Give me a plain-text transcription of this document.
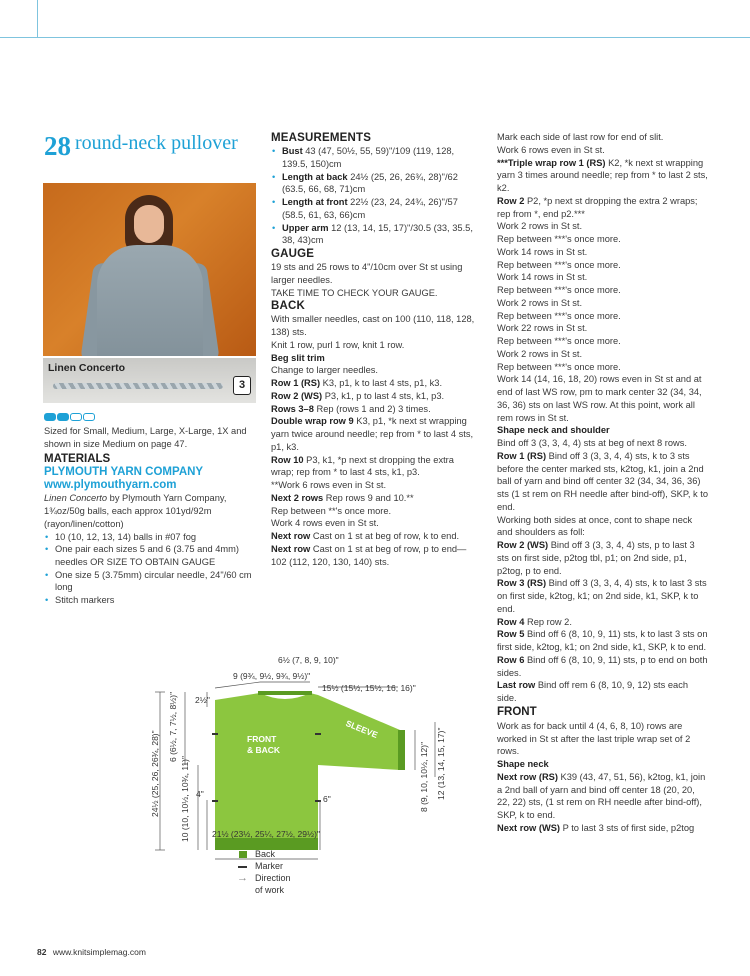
28 round-neck pullover
Linen Concerto
3

Sized for Small, Medium, Large, X-Large, 1X and shown in size Medium on page 47.

MATERIALS
PLYMOUTH YARN COMPANY
www.plymouthyarn.com

Linen Concerto by Plymouth Yarn Company, 1¾oz/50g balls, each approx 101yd/92m (rayon/linen/cotton)

• 10 (10, 12, 13, 14) balls in #07 fog
• One pair each sizes 5 and 6 (3.75 and 4mm) needles OR SIZE TO OBTAIN GAUGE
• One size 5 (3.75mm) circular needle, 24"/60 cm long
• Stitch markers
MEASUREMENTS
• Bust 43 (47, 50½, 55, 59)"/109 (119, 128, 139.5, 150)cm
• Length at back 24½ (25, 26, 26¾, 28)"/62 (63.5, 66, 68, 71)cm
• Length at front 22½ (23, 24, 24¾, 26)"/57 (58.5, 61, 63, 66)cm
• Upper arm 12 (13, 14, 15, 17)"/30.5 (33, 35.5, 38, 43)cm
GAUGE

19 sts and 25 rows to 4"/10cm over St st using larger needles.

TAKE TIME TO CHECK YOUR GAUGE.

BACK

With smaller needles, cast on 100 (110, 118, 128, 138) sts.

Knit 1 row, purl 1 row, knit 1 row.

Beg slit trim

Change to larger needles.

Row 1 (RS) K3, p1, k to last 4 sts, p1, k3.

Row 2 (WS) P3, k1, p to last 4 sts, k1, p3.

Rows 3–8 Rep (rows 1 and 2) 3 times.

Double wrap row 9 K3, p1, *k next st wrapping yarn twice around needle; rep from * to last 4 sts, p1, k3.

Row 10 P3, k1, *p next st dropping the extra wrap; rep from * to last 4 sts, k1, p3.

**Work 6 rows even in St st.

Next 2 rows Rep rows 9 and 10.**

Rep between **'s once more.

Work 4 rows even in St st.

Next row Cast on 1 st at beg of row, k to end.

Next row Cast on 1 st at beg of row, p to end—102 (112, 120, 130, 140) sts.

Mark each side of last row for end of slit.

Work 6 rows even in St st.

***Triple wrap row 1 (RS) K2, *k next st wrapping yarn 3 times around needle; rep from * to last 2 sts, k2.

Row 2 P2, *p next st dropping the extra 2 wraps; rep from *, end p2.***

Work 2 rows in St st.

Rep between ***'s once more.

Work 14 rows in St st.

Rep between ***'s once more.

Work 14 rows in St st.

Rep between ***'s once more.

Work 2 rows in St st.

Rep between ***'s once more.

Work 22 rows in St st.

Rep between ***'s once more.

Work 2 rows in St st.

Rep between ***'s once more.

Work 14 (14, 16, 18, 20) rows even in St st and at end of last WS row, pm to mark center 32 (34, 34, 36, 36) sts on last WS row. At this point, work all rem rows in St st.

Shape neck and shoulder

Bind off 3 (3, 3, 4, 4) sts at beg of next 8 rows.

Row 1 (RS) Bind off 3 (3, 3, 4, 4) sts, k to 3 sts before the center marked sts, k2tog, k1, join a 2nd ball of yarn and bind off center 32 (34, 34, 36, 36) sts (1 st rem on RH needle after bind-off), SKP, k to end.

Working both sides at once, cont to shape neck and shoulders as foll:

Row 2 (WS) Bind off 3 (3, 3, 4, 4) sts, p to last 3 sts on first side, p2tog tbl, p1; on 2nd side, p1, p2tog, p to end.

Row 3 (RS) Bind off 3 (3, 3, 4, 4) sts, k to last 3 sts on first side, k2tog, k1; on 2nd side, k1, SKP, k to end.

Row 4 Rep row 2.

Row 5 Bind off 6 (8, 10, 9, 11) sts, k to last 3 sts on first side, k2tog, k1; on 2nd side, k1, SKP, k to end.

Row 6 Bind off 6 (8, 10, 9, 11) sts, p to end on both sides.

Last row Bind off rem 6 (8, 10, 9, 12) sts each side.

FRONT

Work as for back until 4 (4, 6, 8, 10) rows are worked in St st after the last triple wrap set of 2 rows.

Shape neck

Next row (RS) K39 (43, 47, 51, 56), k2tog, k1, join a 2nd ball of yarn and bind off center 18 (20, 20, 22, 22) sts, (1 st rem on RH needle after bind-off), SKP, k to end.

Next row (WS) P to last 3 sts of first side, p2tog

6½ (7, 8, 9, 10)"
9 (9¾, 9½, 9¾, 9½)"
15½ (15½, 15½, 16, 16)"
2½"
24½ (25, 26, 26¾, 28)"
6 (6½, 7, 7½, 8½)"
10 (10, 10½, 10¾, 11)" 4"	6"	8 (9, 10, 10½, 12)" 12 (13, 14, 15, 17)"
21½ (23½, 25¼, 27½, 29½)"
FRONT
& BACK
SLEEVE
Back
Marker
→ Direction
of work
82 www.knitsimplemag.com
